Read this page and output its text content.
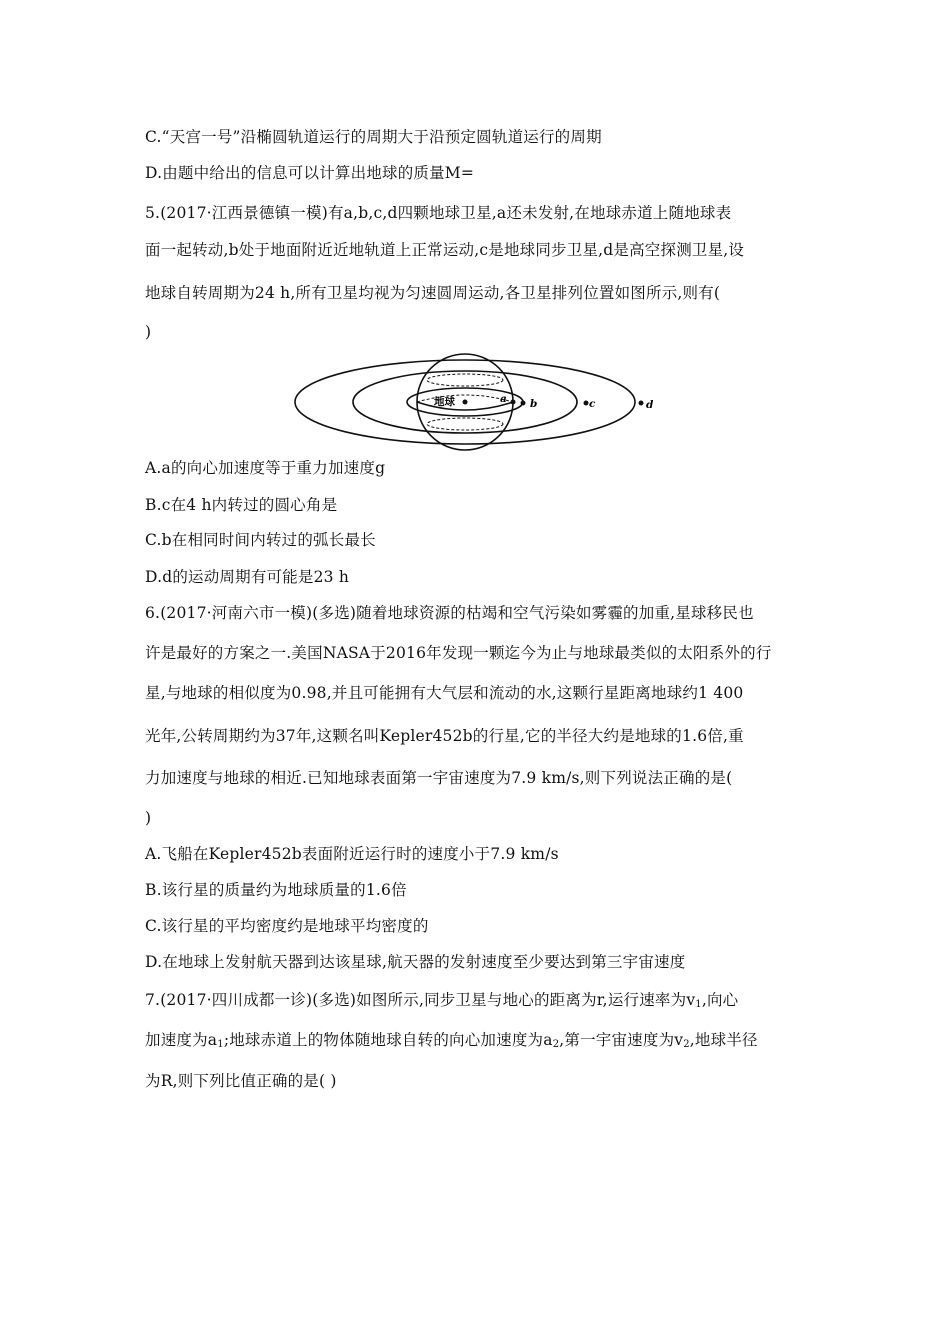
C.“天宫一号”沿椭圆轨道运行的周期大于沿预定圆轨道运行的周期
D.由题中给出的信息可以计算出地球的质量M=
5.(2017·江西景德镇一模)有a,b,c,d四颗地球卫星,a还未发射,在地球赤道上随地球表
面一起转动,b处于地面附近近地轨道上正常运动,c是地球同步卫星,d是高空探测卫星,设
地球自转周期为24 h,所有卫星均视为匀速圆周运动,各卫星排列位置如图所示,则有(
)
地球	a b	c	d
A.a的向心加速度等于重力加速度g
B.c在4 h内转过的圆心角是
C.b在相同时间内转过的弧长最长
D.d的运动周期有可能是23 h
6.(2017·河南六市一模)(多选)随着地球资源的枯竭和空气污染如雾霾的加重,星球移民也
许是最好的方案之一.美国NASA于2016年发现一颗迄今为止与地球最类似的太阳系外的行
星,与地球的相似度为0.98,并且可能拥有大气层和流动的水,这颗行星距离地球约1 400
光年,公转周期约为37年,这颗名叫Kepler452b的行星,它的半径大约是地球的1.6倍,重
力加速度与地球的相近.已知地球表面第一宇宙速度为7.9 km/s,则下列说法正确的是(
)
A.飞船在Kepler452b表面附近运行时的速度小于7.9 km/s
B.该行星的质量约为地球质量的1.6倍
C.该行星的平均密度约是地球平均密度的
D.在地球上发射航天器到达该星球,航天器的发射速度至少要达到第三宇宙速度
7.(2017·四川成都一诊)(多选)如图所示,同步卫星与地心的距离为r,运行速率为$v_1$,向心
加速度为$a_1$;地球赤道上的物体随地球自转的向心加速度为$a_2$,第一宇宙速度为$v_2$,地球半径
为R,则下列比值正确的是( )
